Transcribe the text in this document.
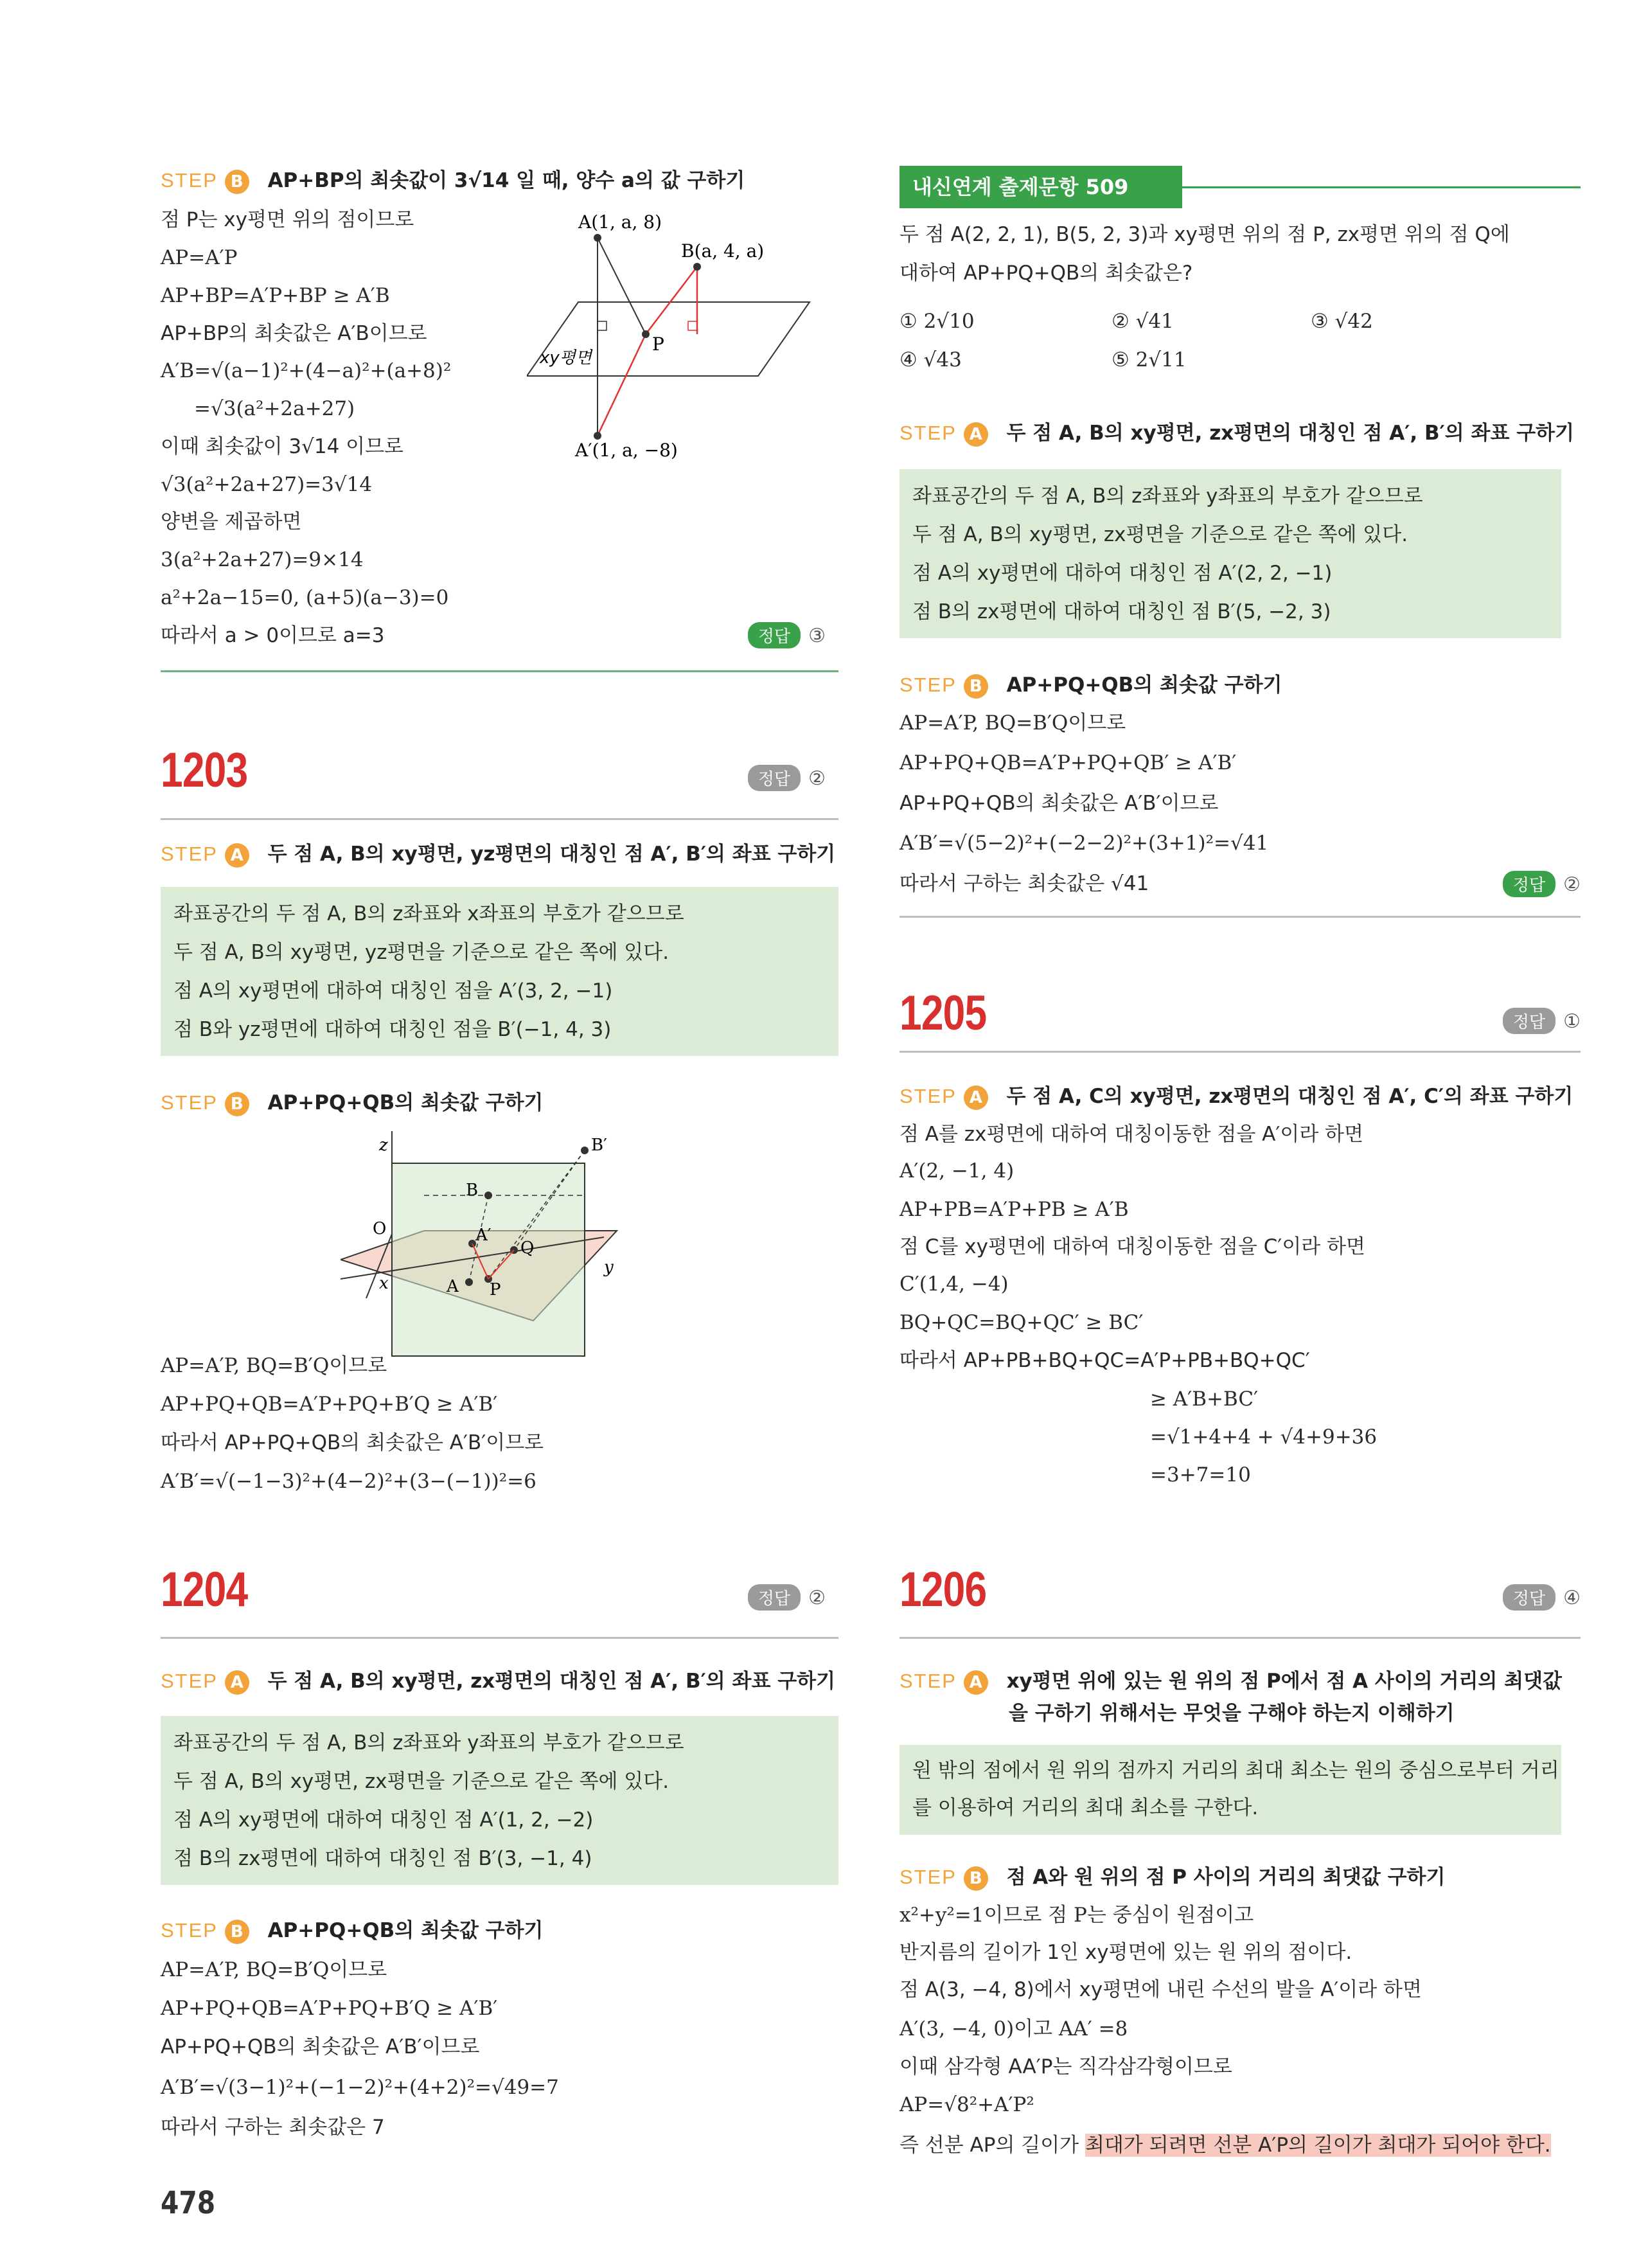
STEP B AP+BP의 최솟값이 3√14 일 때, 양수 a의 값 구하기
점 P는 xy평면 위의 점이므로
AP=A′P
AP+BP=A′P+BP ≥ A′B
AP+BP의 최솟값은 A′B이므로
A′B=√(a−1)²+(4−a)²+(a+8)²
=√3(a²+2a+27)
이때 최솟값이 3√14 이므로
√3(a²+2a+27)=3√14
양변을 제곱하면
3(a²+2a+27)=9×14
a²+2a−15=0, (a+5)(a−3)=0
따라서 a > 0이므로 a=3
A(1, a, 8)
B(a, 4, a)
P
A′(1, a, −8)
xy평면
정답 ③
1203	정답 ②
STEP A 두 점 A, B의 xy평면, yz평면의 대칭인 점 A′, B′의 좌표 구하기
좌표공간의 두 점 A, B의 z좌표와 x좌표의 부호가 같으므로
두 점 A, B의 xy평면, yz평면을 기준으로 같은 쪽에 있다.
점 A의 xy평면에 대하여 대칭인 점을 A′(3, 2, −1)
점 B와 yz평면에 대하여 대칭인 점을 B′(−1, 4, 3)
STEP B AP+PQ+QB의 최솟값 구하기
z
B
B′
O	A′
Q
A P
y
x
AP=A′P, BQ=B′Q이므로
AP+PQ+QB=A′P+PQ+B′Q ≥ A′B′
따라서 AP+PQ+QB의 최솟값은 A′B′이므로
A′B′=√(−1−3)²+(4−2)²+(3−(−1))²=6
1204	정답 ②
STEP A 두 점 A, B의 xy평면, zx평면의 대칭인 점 A′, B′의 좌표 구하기
좌표공간의 두 점 A, B의 z좌표와 y좌표의 부호가 같으므로
두 점 A, B의 xy평면, zx평면을 기준으로 같은 쪽에 있다.
점 A의 xy평면에 대하여 대칭인 점 A′(1, 2, −2)
점 B의 zx평면에 대하여 대칭인 점 B′(3, −1, 4)
STEP B AP+PQ+QB의 최솟값 구하기
AP=A′P, BQ=B′Q이므로
AP+PQ+QB=A′P+PQ+B′Q ≥ A′B′
AP+PQ+QB의 최솟값은 A′B′이므로
A′B′=√(3−1)²+(−1−2)²+(4+2)²=√49=7
따라서 구하는 최솟값은 7
478
내신연계 출제문항 509
두 점 A(2, 2, 1), B(5, 2, 3)과 xy평면 위의 점 P, zx평면 위의 점 Q에
대하여 AP+PQ+QB의 최솟값은?
① 2√10	② √41	③ √42
④ √43	⑤ 2√11
STEP A 두 점 A, B의 xy평면, zx평면의 대칭인 점 A′, B′의 좌표 구하기
좌표공간의 두 점 A, B의 z좌표와 y좌표의 부호가 같으므로
두 점 A, B의 xy평면, zx평면을 기준으로 같은 쪽에 있다.
점 A의 xy평면에 대하여 대칭인 점 A′(2, 2, −1)
점 B의 zx평면에 대하여 대칭인 점 B′(5, −2, 3)
STEP B AP+PQ+QB의 최솟값 구하기
AP=A′P, BQ=B′Q이므로
AP+PQ+QB=A′P+PQ+QB′ ≥ A′B′
AP+PQ+QB의 최솟값은 A′B′이므로
A′B′=√(5−2)²+(−2−2)²+(3+1)²=√41
따라서 구하는 최솟값은 √41	정답 ②
1205	정답 ①
STEP A 두 점 A, C의 xy평면, zx평면의 대칭인 점 A′, C′의 좌표 구하기
점 A를 zx평면에 대하여 대칭이동한 점을 A′이라 하면
A′(2, −1, 4)
AP+PB=A′P+PB ≥ A′B
점 C를 xy평면에 대하여 대칭이동한 점을 C′이라 하면
C′(1,4, −4)
BQ+QC=BQ+QC′ ≥ BC′
따라서 AP+PB+BQ+QC=A′P+PB+BQ+QC′
≥ A′B+BC′
=√1+4+4 + √4+9+36
=3+7=10
1206	정답 ④
STEP A xy평면 위에 있는 원 위의 점 P에서 점 A 사이의 거리의 최댓값
을 구하기 위해서는 무엇을 구해야 하는지 이해하기
원 밖의 점에서 원 위의 점까지 거리의 최대 최소는 원의 중심으로부터 거리
를 이용하여 거리의 최대 최소를 구한다.
STEP B 점 A와 원 위의 점 P 사이의 거리의 최댓값 구하기
x²+y²=1이므로 점 P는 중심이 원점이고
반지름의 길이가 1인 xy평면에 있는 원 위의 점이다.
점 A(3, −4, 8)에서 xy평면에 내린 수선의 발을 A′이라 하면
A′(3, −4, 0)이고 AA′ =8
이때 삼각형 AA′P는 직각삼각형이므로
AP=√8²+A′P²
즉 선분 AP의 길이가 최대가 되려면 선분 A′P의 길이가 최대가 되어야 한다.
